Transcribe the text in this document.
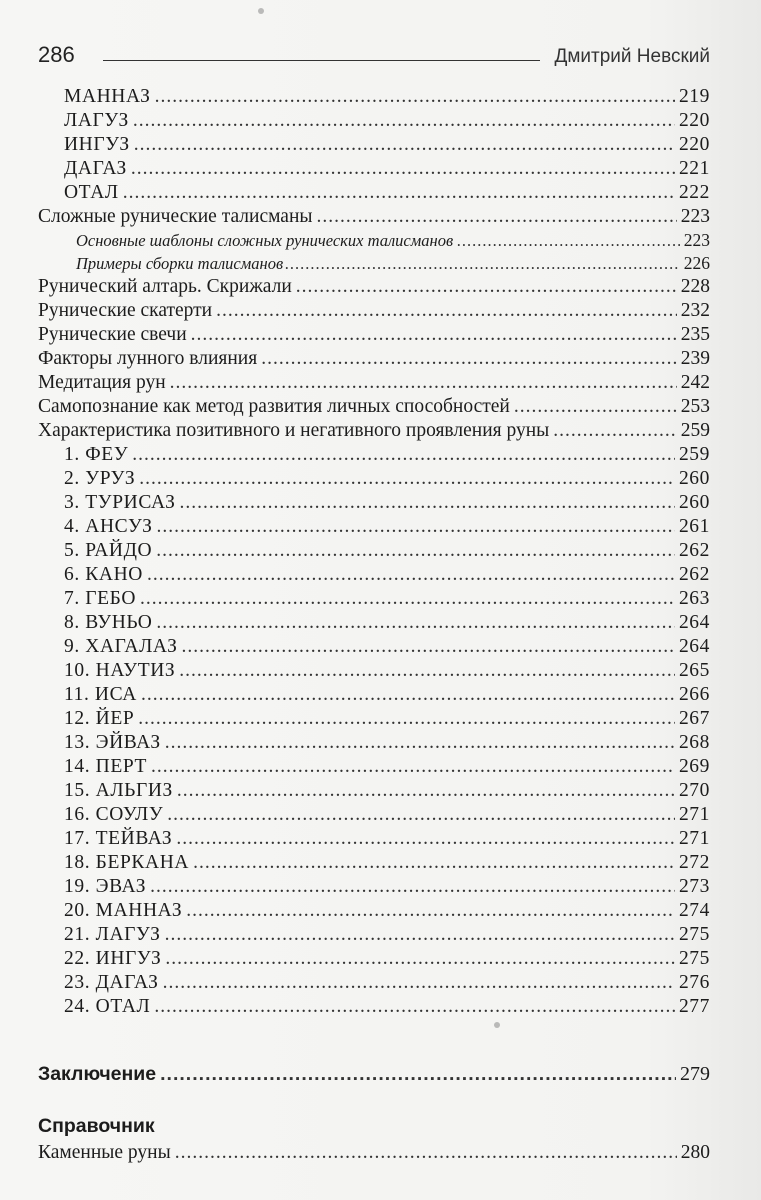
286	Дмитрий Невский
МАННАЗ .....	219
ЛАГУЗ .....	220
ИНГУЗ .....	220
ДАГАЗ .....	221
ОТАЛ .....	222
Сложные рунические талисманы .....	223
Основные шаблоны сложных рунических талисманов .....	223
Примеры сборки талисманов .....	226
Рунический алтарь. Скрижали .....	228
Рунические скатерти .....	232
Рунические свечи .....	235
Факторы лунного влияния .....	239
Медитация рун .....	242
Самопознание как метод развития личных способностей .....	253
Характеристика позитивного и негативного проявления руны .....	259
1. ФЕУ .....	259
2. УРУЗ .....	260
3. ТУРИСАЗ .....	260
4. АНСУЗ .....	261
5. РАЙДО .....	262
6. КАНО .....	262
7. ГЕБО .....	263
8. ВУНЬО .....	264
9. ХАГАЛАЗ .....	264
10. НАУТИЗ .....	265
11. ИСА .....	266
12. ЙЕР .....	267
13. ЭЙВАЗ .....	268
14. ПЕРТ .....	269
15. АЛЬГИЗ .....	270
16. СОУЛУ .....	271
17. ТЕЙВАЗ .....	271
18. БЕРКАНА .....	272
19. ЭВАЗ .....	273
20. МАННАЗ .....	274
21. ЛАГУЗ .....	275
22. ИНГУЗ .....	275
23. ДАГАЗ .....	276
24. ОТАЛ .....	277
Заключение .....	279
Справочник
Каменные руны .....	280
